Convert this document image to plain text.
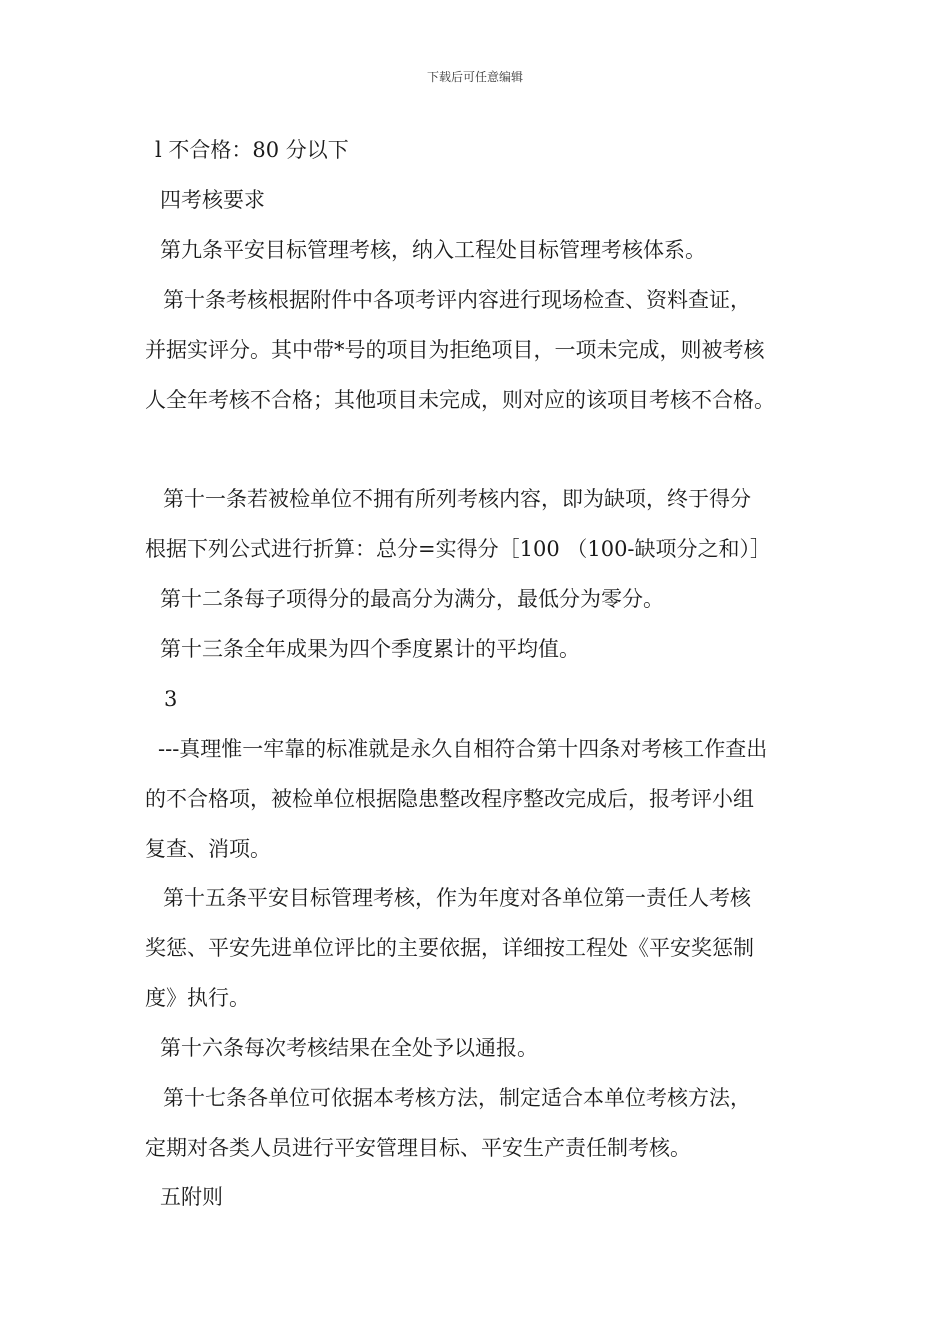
下载后可任意编辑
l 不合格：80 分以下
四考核要求
第九条平安目标管理考核，纳入工程处目标管理考核体系。
第十条考核根据附件中各项考评内容进行现场检查、资料查证，
并据实评分。其中带*号的项目为拒绝项目，一项未完成，则被考核
人全年考核不合格；其他项目未完成，则对应的该项目考核不合格。
第十一条若被检单位不拥有所列考核内容，即为缺项，终于得分
根据下列公式进行折算：总分=实得分［100 （100-缺项分之和）］
第十二条每子项得分的最高分为满分，最低分为零分。
第十三条全年成果为四个季度累计的平均值。
3
---真理惟一牢靠的标准就是永久自相符合第十四条对考核工作查出
的不合格项，被检单位根据隐患整改程序整改完成后，报考评小组
复查、消项。
第十五条平安目标管理考核，作为年度对各单位第一责任人考核
奖惩、平安先进单位评比的主要依据，详细按工程处《平安奖惩制
度》执行。
第十六条每次考核结果在全处予以通报。
第十七条各单位可依据本考核方法，制定适合本单位考核方法，
定期对各类人员进行平安管理目标、平安生产责任制考核。
五附则
